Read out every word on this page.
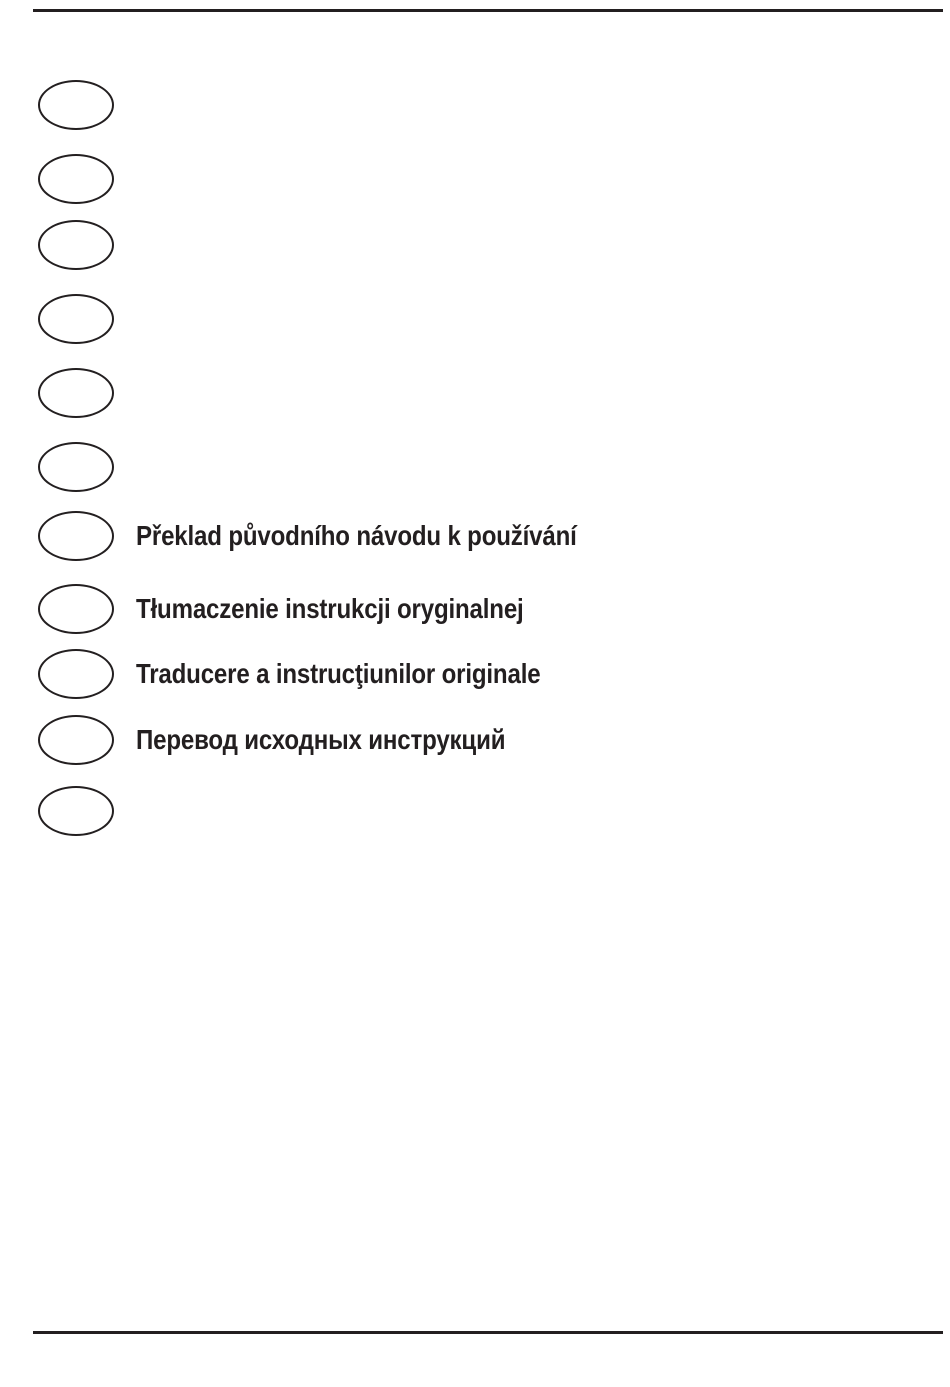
Překlad původního návodu k používání
Tłumaczenie instrukcji oryginalnej
Traducere a instrucţiunilor originale
Перевод исходных инструкций
